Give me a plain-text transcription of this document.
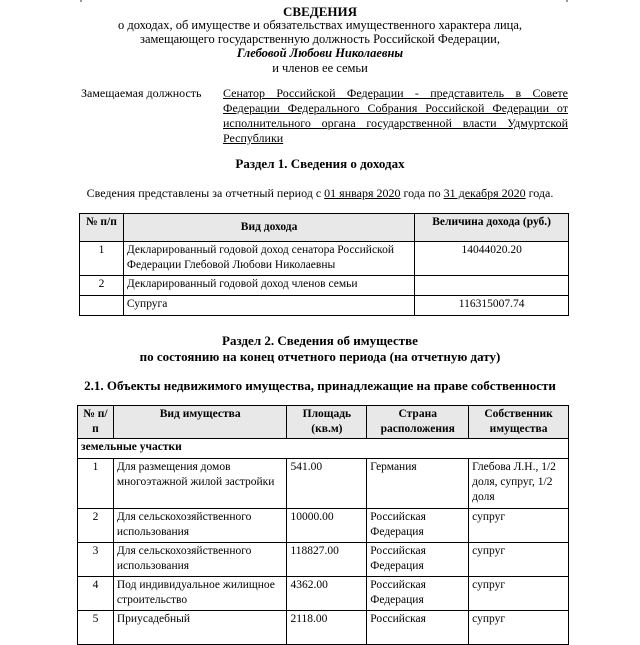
СВЕДЕНИЯ
о доходах, об имуществе и обязательствах имущественного характера лица,
замещающего государственную должность Российской Федерации,
Глебовой Любови Николаевны
и членов ее семьи
Замещаемая должность Сенатор Российской Федерации - представитель в Совете Федерации Федерального Собрания Российской Федерации от исполнительного органа государственной власти Удмуртской Республики
Раздел 1. Сведения о доходах
Сведения представлены за отчетный период с 01 января 2020 года по 31 декабря 2020 года.
№ п/п	Вид дохода	Величина дохода (руб.)
1	Декларированный годовой доход сенатора Российской Федерации Глебовой Любови Николаевны	14044020.20
2	Декларированный годовой доход членов семьи	
	Супруга	116315007.74
Раздел 2. Сведения об имуществе
по состоянию на конец отчетного периода (на отчетную дату)
2.1. Объекты недвижимого имущества, принадлежащие на праве собственности
№ п/п	Вид имущества	Площадь (кв.м)	Страна расположения	Собственник имущества
земельные участки				
1	Для размещения домов многоэтажной жилой застройки	541.00	Германия	Глебова Л.Н., 1/2 доля, супруг, 1/2 доля
2	Для сельскохозяйственного использования	10000.00	Российская Федерация	супруг
3	Для сельскохозяйственного использования	118827.00	Российская Федерация	супруг
4	Под индивидуальное жилищное строительство	4362.00	Российская Федерация	супруг
5	Приусадебный	2118.00	Российская	супруг
